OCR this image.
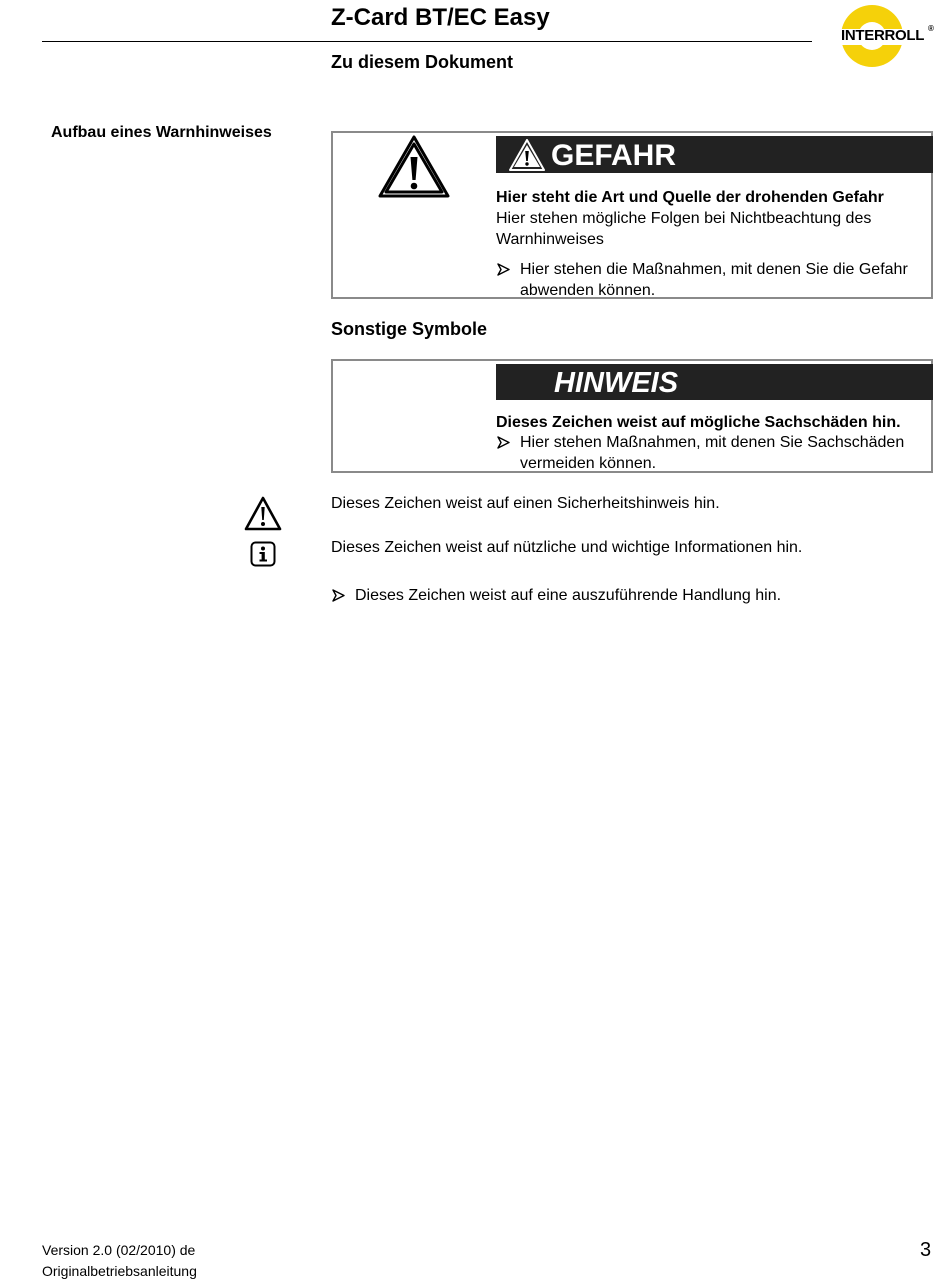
Z-Card BT/EC Easy
Zu diesem Dokument
INTERROLL ®
Aufbau eines Warnhinweises
GEFAHR
Hier steht die Art und Quelle der drohenden Gefahr
Hier stehen mögliche Folgen bei Nichtbeachtung des
Warnhinweises
Hier stehen die Maßnahmen, mit denen Sie die Gefahr
abwenden können.
Sonstige Symbole
HINWEIS
Dieses Zeichen weist auf mögliche Sachschäden hin.
Hier stehen Maßnahmen, mit denen Sie Sachschäden
vermeiden können.
Dieses Zeichen weist auf einen Sicherheitshinweis hin.
Dieses Zeichen weist auf nützliche und wichtige Informationen hin.
Dieses Zeichen weist auf eine auszuführende Handlung hin.
Version 2.0 (02/2010) de
Originalbetriebsanleitung
3
